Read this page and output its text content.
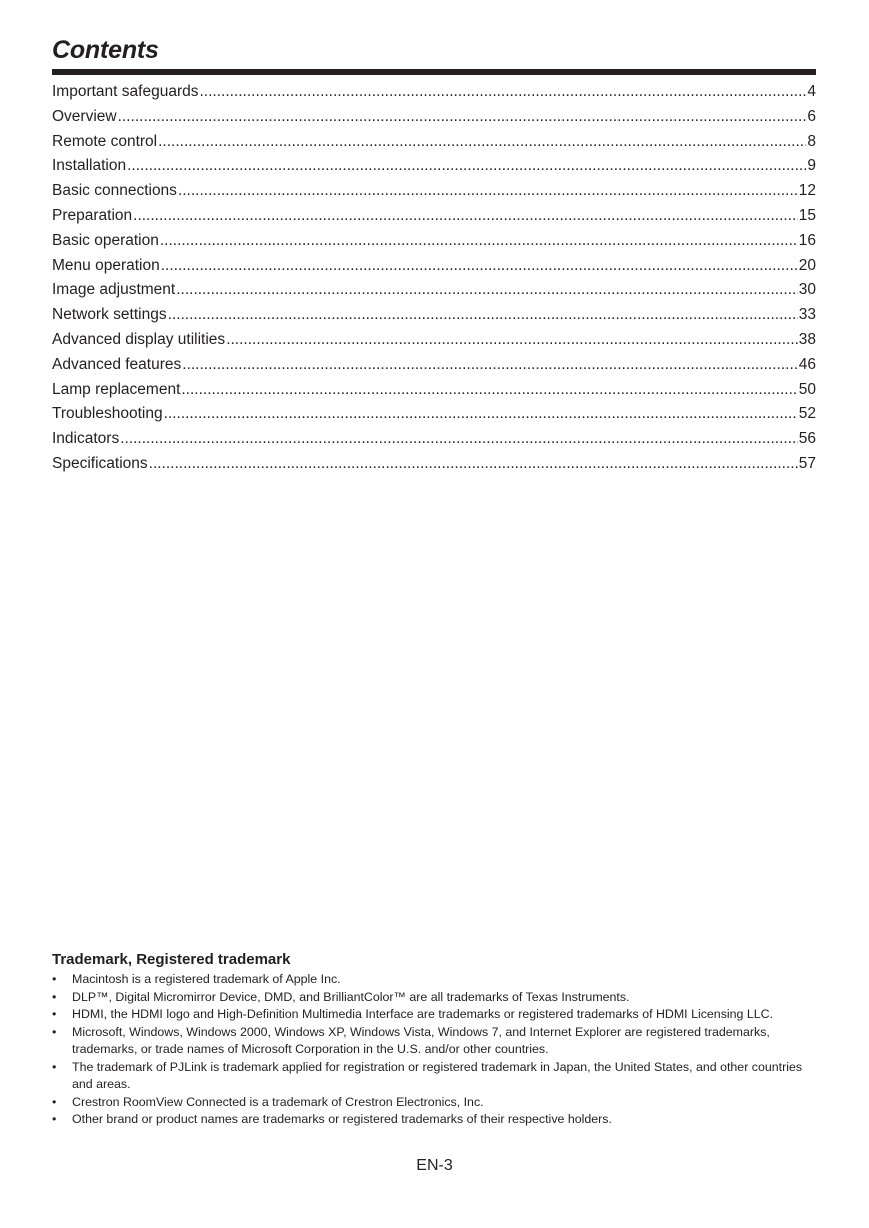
Contents
Important safeguards .....	4
Overview .....	6
Remote control .....	8
Installation .....	9
Basic connections .....	12
Preparation .....	15
Basic operation .....	16
Menu operation .....	20
Image adjustment .....	30
Network settings .....	33
Advanced display utilities .....	38
Advanced features .....	46
Lamp replacement .....	50
Troubleshooting .....	52
Indicators .....	56
Specifications .....	57
Trademark, Registered trademark
• Macintosh is a registered trademark of Apple Inc.
• DLP™, Digital Micromirror Device, DMD, and BrilliantColor™ are all trademarks of Texas Instruments.
• HDMI, the HDMI logo and High-Definition Multimedia Interface are trademarks or registered trademarks of HDMI Licensing LLC.
• Microsoft, Windows, Windows 2000, Windows XP, Windows Vista, Windows 7, and Internet Explorer are registered trademarks, trademarks, or trade names of Microsoft Corporation in the U.S. and/or other countries.
• The trademark of PJLink is trademark applied for registration or registered trademark in Japan, the United States, and other countries and areas.
• Crestron RoomView Connected is a trademark of Crestron Electronics, Inc.
• Other brand or product names are trademarks or registered trademarks of their respective holders.
EN-3
